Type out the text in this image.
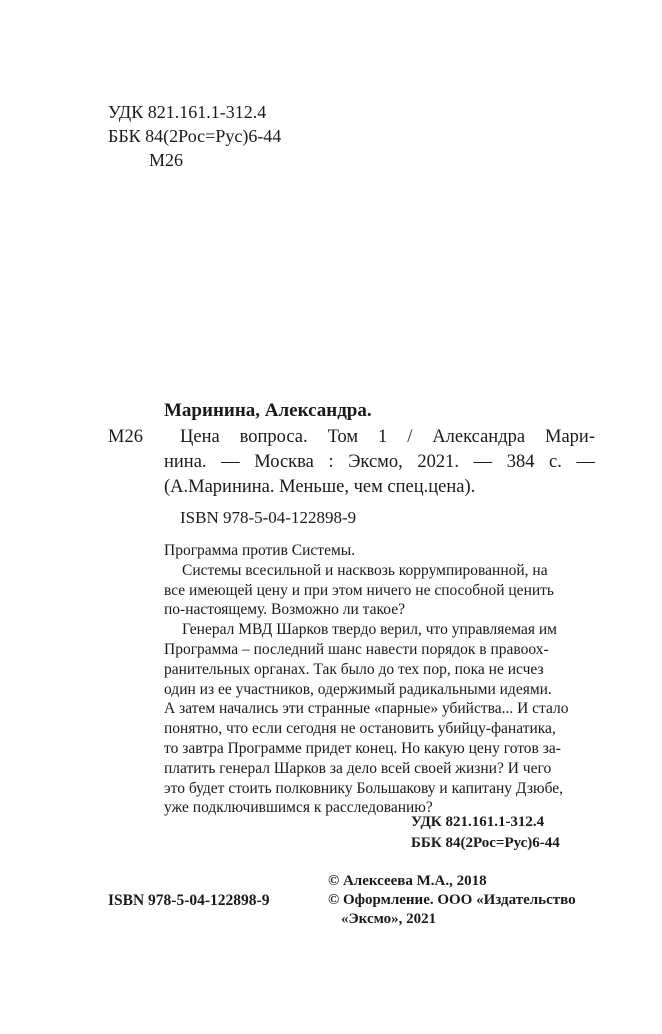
УДК 821.161.1-312.4
ББК 84(2Рос=Рус)6-44
М26
Маринина, Александра.
М26 Цена вопроса. Том 1 / Александра Мари-
нина. — Москва : Эксмо, 2021. — 384 с. —
(А.Маринина. Меньше, чем спец.цена).
ISBN 978-5-04-122898-9
Программа против Системы.
Системы всесильной и насквозь коррумпированной, на
все имеющей цену и при этом ничего не способной ценить
по-настоящему. Возможно ли такое?
Генерал МВД Шарков твердо верил, что управляемая им
Программа – последний шанс навести порядок в правоох-
ранительных органах. Так было до тех пор, пока не исчез
один из ее участников, одержимый радикальными идеями.
А затем начались эти странные «парные» убийства... И стало
понятно, что если сегодня не остановить убийцу-фанатика,
то завтра Программе придет конец. Но какую цену готов за-
платить генерал Шарков за дело всей своей жизни? И чего
это будет стоить полковнику Большакову и капитану Дзюбе,
уже подключившимся к расследованию?
УДК 821.161.1-312.4
ББК 84(2Рос=Рус)6-44
© Алексеева М.А., 2018
© Оформление. ООО «Издательство
«Эксмо», 2021
ISBN 978-5-04-122898-9
